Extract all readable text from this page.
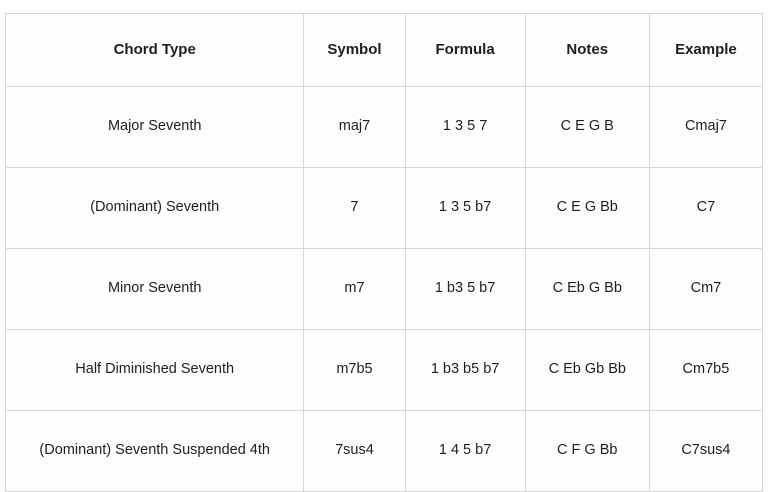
Chord Type	Symbol	Formula	Notes	Example
Major Seventh	maj7	1 3 5 7	C E G B	Cmaj7
(Dominant) Seventh	7	1 3 5 b7	C E G Bb	C7
Minor Seventh	m7	1 b3 5 b7	C Eb G Bb	Cm7
Half Diminished Seventh	m7b5	1 b3 b5 b7	C Eb Gb Bb	Cm7b5
(Dominant) Seventh Suspended 4th	7sus4	1 4 5 b7	C F G Bb	C7sus4
